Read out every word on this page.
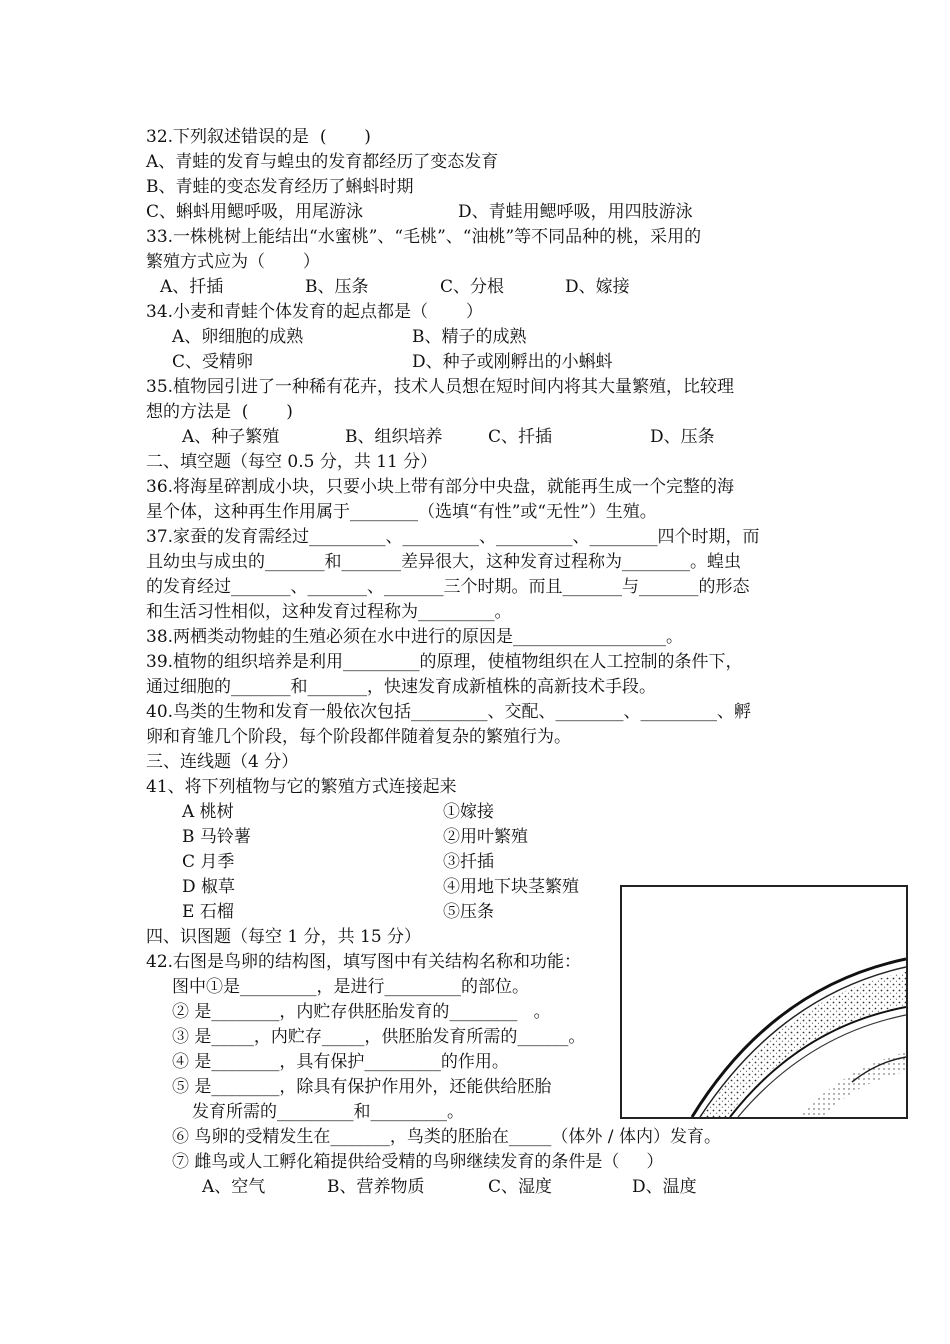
32.下列叙述错误的是  (       )
A、青蛙的发育与蝗虫的发育都经历了变态发育
B、青蛙的变态发育经历了蝌蚪时期
C、蝌蚪用鳃呼吸，用尾游泳	D、青蛙用鳃呼吸，用四肢游泳
33.一株桃树上能结出“水蜜桃”、“毛桃”、“油桃”等不同品种的桃，采用的
繁殖方式应为（       ）
A、扦插	B、压条	C、分根	D、嫁接
34.小麦和青蛙个体发育的起点都是（       ）
A、卵细胞的成熟	B、精子的成熟
C、受精卵	D、种子或刚孵出的小蝌蚪
35.植物园引进了一种稀有花卉，技术人员想在短时间内将其大量繁殖，比较理
想的方法是  (       )
A、种子繁殖	B、组织培养	C、扦插	D、压条
二、填空题（每空 0.5 分，共 11 分）
36.将海星碎割成小块，只要小块上带有部分中央盘，就能再生成一个完整的海
星个体，这种再生作用属于________（选填“有性”或“无性”）生殖。
37.家蚕的发育需经过_________、_________、_________、________四个时期，而
且幼虫与成虫的_______和_______差异很大，这种发育过程称为________。蝗虫
的发育经过_______、_______、_______三个时期。而且_______与_______的形态
和生活习性相似，这种发育过程称为_________。
38.两栖类动物蛙的生殖必须在水中进行的原因是__________________。
39.植物的组织培养是利用_________的原理，使植物组织在人工控制的条件下，
通过细胞的_______和_______，快速发育成新植株的高新技术手段。
40.鸟类的生物和发育一般依次包括_________、交配、________、_________、孵
卵和育雏几个阶段，每个阶段都伴随着复杂的繁殖行为。
三、连线题（4 分）
41、将下列植物与它的繁殖方式连接起来
A 桃树
B 马铃薯
C 月季
D 椒草
E 石榴
①嫁接
②用叶繁殖
③扦插
④用地下块茎繁殖
⑤压条
四、识图题（每空 1 分，共 15 分）
42.右图是鸟卵的结构图，填写图中有关结构名称和功能：
图中①是_________，是进行_________的部位。
② 是________，内贮存供胚胎发育的________   。
③ 是_____，内贮存_____，供胚胎发育所需的______。
④ 是________，具有保护_________的作用。
⑤ 是________，除具有保护作用外，还能供给胚胎
发育所需的_________和_________。
⑥ 鸟卵的受精发生在_______，鸟类的胚胎在_____（体外 / 体内）发育。
⑦ 雌鸟或人工孵化箱提供给受精的鸟卵继续发育的条件是（     ）
A、空气	B、营养物质	C、湿度	D、温度
